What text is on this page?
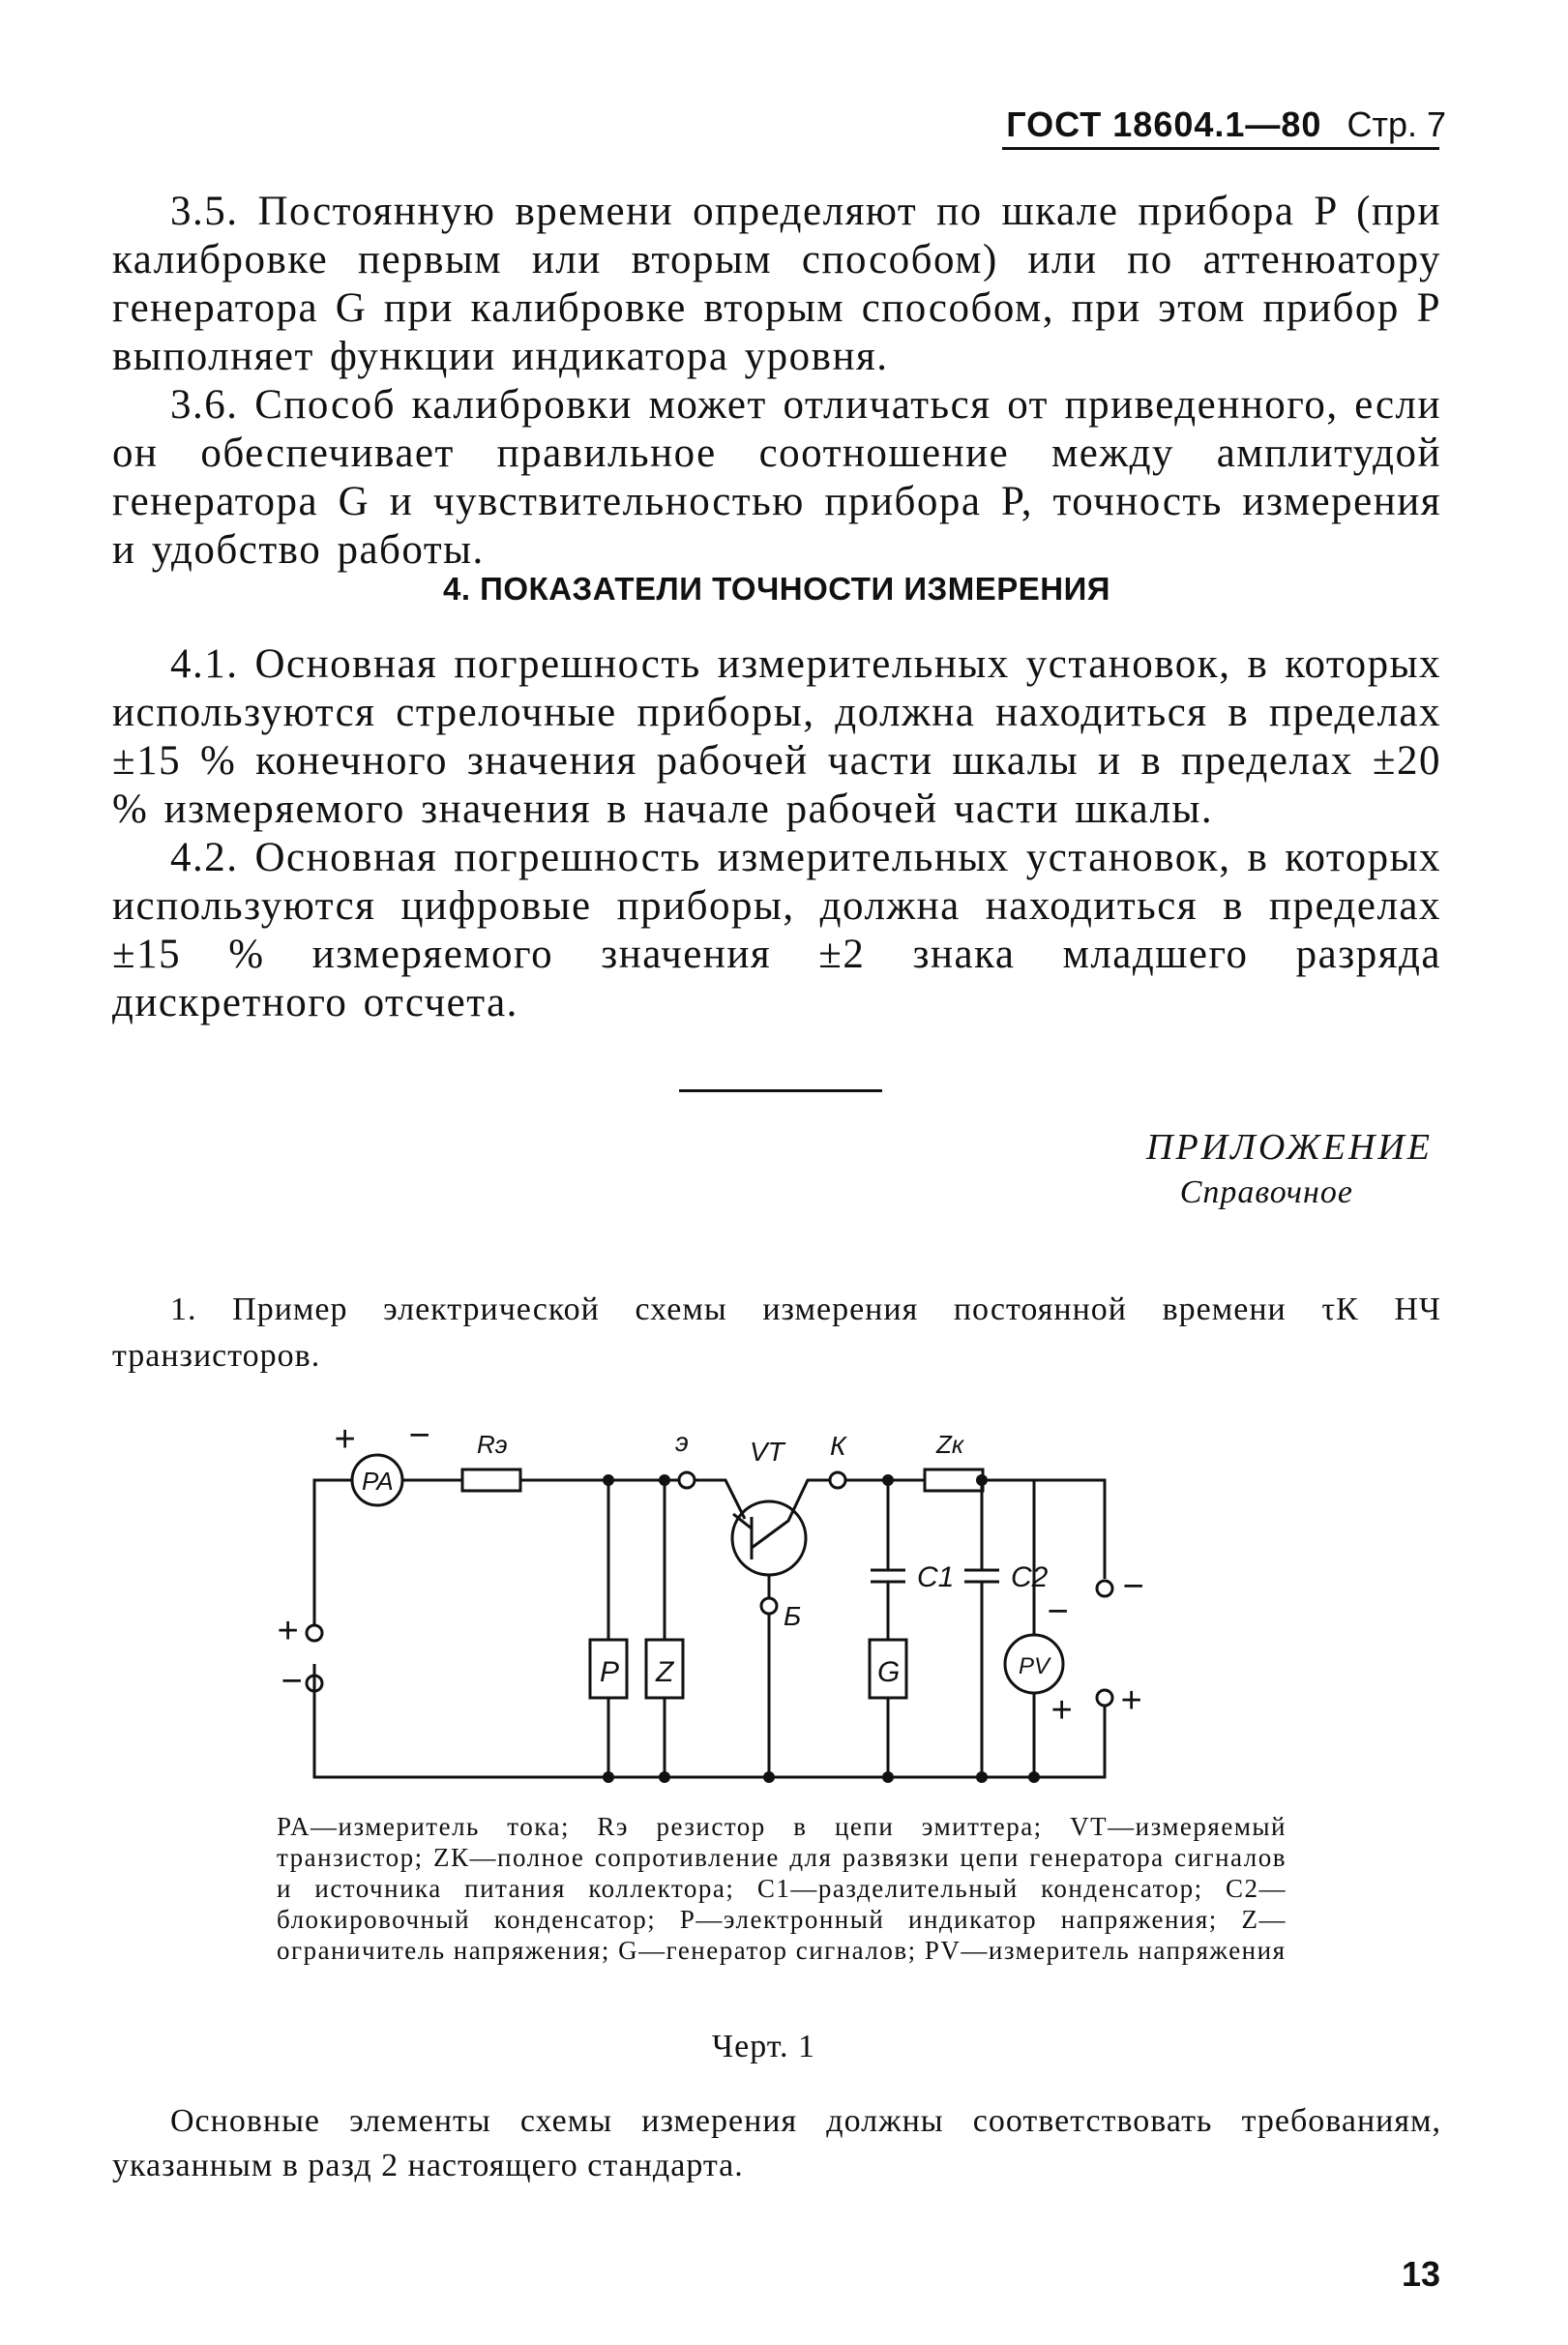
ГОСТ 18604.1—80 Стр. 7

3.5. Постоянную времени определяют по шкале прибора P (при калибровке первым или вторым способом) или по аттенюатору генератора G при калибровке вторым способом, при этом прибор P выполняет функции индикатора уровня.

3.6. Способ калибровки может отличаться от приведенного, если он обеспечивает правильное соотношение между амплитудой генератора G и чувствительностью прибора P, точность измерения и удобство работы.

4. ПОКАЗАТЕЛИ ТОЧНОСТИ ИЗМЕРЕНИЯ

4.1. Основная погрешность измерительных установок, в которых используются стрелочные приборы, должна находиться в пределах ±15 % конечного значения рабочей части шкалы и в пределах ±20 % измеряемого значения в начале рабочей части шкалы.

4.2. Основная погрешность измерительных установок, в которых используются цифровые приборы, должна находиться в пределах ±15 % измеряемого значения ±2 знака младшего разряда дискретного отсчета.

ПРИЛОЖЕНИЕ
Справочное

1. Пример электрической схемы измерения постоянной времени τК НЧ транзисторов.

+ −
PA
Rэ	э VT К	Zк
C1 C2
Б
P Z	G	PV
−
+
+
−
−
+

PA—измеритель тока; Rэ резистор в цепи эмиттера; VT—измеряемый транзистор; ZК—полное сопротивление для развязки цепи генератора сигналов и источника питания коллектора; C1—разделительный конденсатор; C2—блокировочный конденсатор; P—электронный индикатор напряжения; Z—ограничитель напряжения; G—генератор сигналов; PV—измеритель напряжения

Черт. 1

Основные элементы схемы измерения должны соответствовать требованиям, указанным в разд 2 настоящего стандарта.

13
